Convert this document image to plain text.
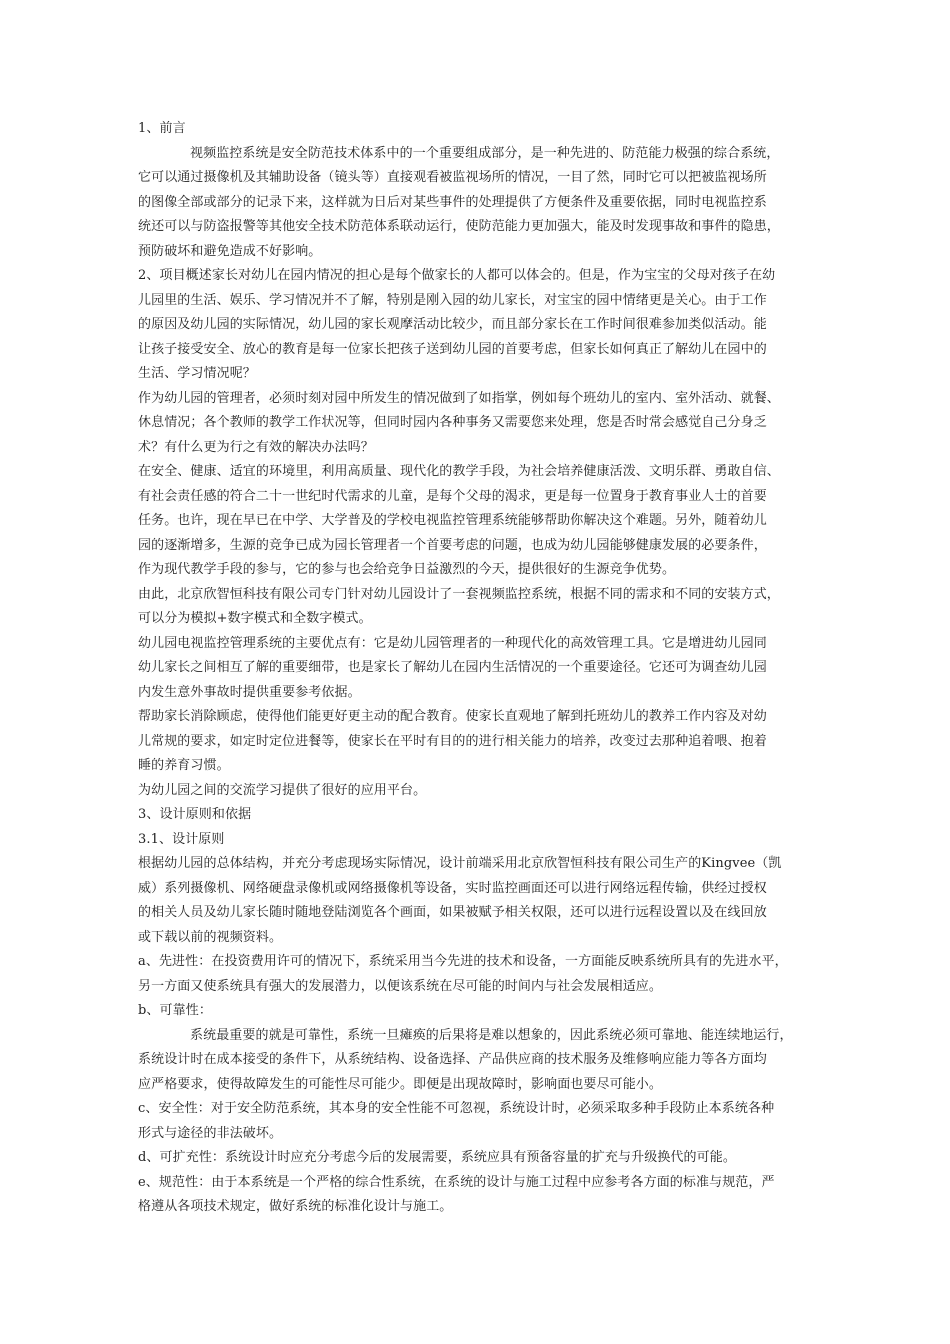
1、前言
视频监控系统是安全防范技术体系中的一个重要组成部分，是一种先进的、防范能力极强的综合系统，
它可以通过摄像机及其辅助设备（镜头等）直接观看被监视场所的情况，一目了然，同时它可以把被监视场所
的图像全部或部分的记录下来，这样就为日后对某些事件的处理提供了方便条件及重要依据，同时电视监控系
统还可以与防盗报警等其他安全技术防范体系联动运行，使防范能力更加强大，能及时发现事故和事件的隐患，
预防破坏和避免造成不好影响。
2、项目概述家长对幼儿在园内情况的担心是每个做家长的人都可以体会的。但是，作为宝宝的父母对孩子在幼
儿园里的生活、娱乐、学习情况并不了解，特别是刚入园的幼儿家长，对宝宝的园中情绪更是关心。由于工作
的原因及幼儿园的实际情况，幼儿园的家长观摩活动比较少，而且部分家长在工作时间很难参加类似活动。能
让孩子接受安全、放心的教育是每一位家长把孩子送到幼儿园的首要考虑，但家长如何真正了解幼儿在园中的
生活、学习情况呢？
作为幼儿园的管理者，必须时刻对园中所发生的情况做到了如指掌，例如每个班幼儿的室内、室外活动、就餐、
休息情况；各个教师的教学工作状况等，但同时园内各种事务又需要您来处理，您是否时常会感觉自己分身乏
术？有什么更为行之有效的解决办法吗？
在安全、健康、适宜的环境里，利用高质量、现代化的教学手段，为社会培养健康活泼、文明乐群、勇敢自信、
有社会责任感的符合二十一世纪时代需求的儿童，是每个父母的渴求，更是每一位置身于教育事业人士的首要
任务。也许，现在早已在中学、大学普及的学校电视监控管理系统能够帮助你解决这个难题。另外，随着幼儿
园的逐渐增多，生源的竞争已成为园长管理者一个首要考虑的问题，也成为幼儿园能够健康发展的必要条件，
作为现代教学手段的参与，它的参与也会给竞争日益激烈的今天，提供很好的生源竞争优势。
由此，北京欣智恒科技有限公司专门针对幼儿园设计了一套视频监控系统，根据不同的需求和不同的安装方式，
可以分为模拟+数字模式和全数字模式。
幼儿园电视监控管理系统的主要优点有：它是幼儿园管理者的一种现代化的高效管理工具。它是增进幼儿园同
幼儿家长之间相互了解的重要细带，也是家长了解幼儿在园内生活情况的一个重要途径。它还可为调查幼儿园
内发生意外事故时提供重要参考依据。
帮助家长消除顾虑，使得他们能更好更主动的配合教育。使家长直观地了解到托班幼儿的教养工作内容及对幼
儿常规的要求，如定时定位进餐等，使家长在平时有目的的进行相关能力的培养，改变过去那种追着喂、抱着
睡的养育习惯。
为幼儿园之间的交流学习提供了很好的应用平台。
3、设计原则和依据
3.1、设计原则
根据幼儿园的总体结构，并充分考虑现场实际情况，设计前端采用北京欣智恒科技有限公司生产的Kingvee（凯
威）系列摄像机、网络硬盘录像机或网络摄像机等设备，实时监控画面还可以进行网络远程传输，供经过授权
的相关人员及幼儿家长随时随地登陆浏览各个画面，如果被赋予相关权限，还可以进行远程设置以及在线回放
或下载以前的视频资料。
a、先进性：在投资费用许可的情况下，系统采用当今先进的技术和设备，一方面能反映系统所具有的先进水平，
另一方面又使系统具有强大的发展潜力，以便该系统在尽可能的时间内与社会发展相适应。
b、可靠性：
系统最重要的就是可靠性，系统一旦瘫痪的后果将是难以想象的，因此系统必须可靠地、能连续地运行，
系统设计时在成本接受的条件下，从系统结构、设备选择、产品供应商的技术服务及维修响应能力等各方面均
应严格要求，使得故障发生的可能性尽可能少。即便是出现故障时，影响面也要尽可能小。
c、安全性：对于安全防范系统，其本身的安全性能不可忽视，系统设计时，必须采取多种手段防止本系统各种
形式与途径的非法破坏。
d、可扩充性：系统设计时应充分考虑今后的发展需要，系统应具有预备容量的扩充与升级换代的可能。
e、规范性：由于本系统是一个严格的综合性系统，在系统的设计与施工过程中应参考各方面的标准与规范，严
格遵从各项技术规定，做好系统的标准化设计与施工。
